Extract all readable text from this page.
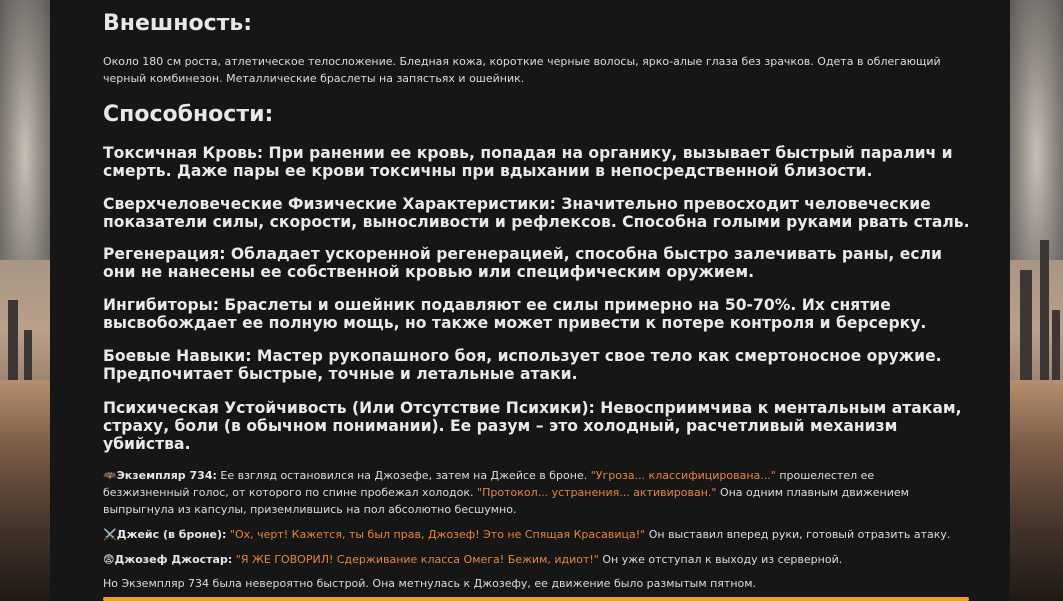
Внешность:

Около 180 см роста, атлетическое телосложение. Бледная кожа, короткие черные волосы, ярко-алые глаза без зрачков. Одета в облегающий черный комбинезон. Металлические браслеты на запястьях и ошейник.

Способности:

Токсичная Кровь: При ранении ее кровь, попадая на органику, вызывает быстрый паралич и смерть. Даже пары ее крови токсичны при вдыхании в непосредственной близости.

Сверхчеловеческие Физические Характеристики: Значительно превосходит человеческие показатели силы, скорости, выносливости и рефлексов. Способна голыми руками рвать сталь.

Регенерация: Обладает ускоренной регенерацией, способна быстро залечивать раны, если они не нанесены ее собственной кровью или специфическим оружием.

Ингибиторы: Браслеты и ошейник подавляют ее силы примерно на 50-70%. Их снятие высвобождает ее полную мощь, но также может привести к потере контроля и берсерку.

Боевые Навыки: Мастер рукопашного боя, использует свое тело как смертоносное оружие. Предпочитает быстрые, точные и летальные атаки.

Психическая Устойчивость (Или Отсутствие Психики): Невосприимчива к ментальным атакам, страху, боли (в обычном понимании). Ее разум – это холодный, расчетливый механизм убийства.

🦇Экземпляр 734: Ее взгляд остановился на Джозефе, затем на Джейсе в броне. "Угроза... классифицирована..." прошелестел ее безжизненный голос, от которого по спине пробежал холодок. "Протокол... устранения... активирован." Она одним плавным движением выпрыгнула из капсулы, приземлившись на пол абсолютно бесшумно.

⚔️Джейс (в броне): "Ох, черт! Кажется, ты был прав, Джозеф! Это не Спящая Красавица!" Он выставил вперед руки, готовый отразить атаку.

😨Джозеф Джостар: "Я ЖЕ ГОВОРИЛ! Сдерживание класса Омега! Бежим, идиот!" Он уже отступал к выходу из серверной.

Но Экземпляр 734 была невероятно быстрой. Она метнулась к Джозефу, ее движение было размытым пятном.
